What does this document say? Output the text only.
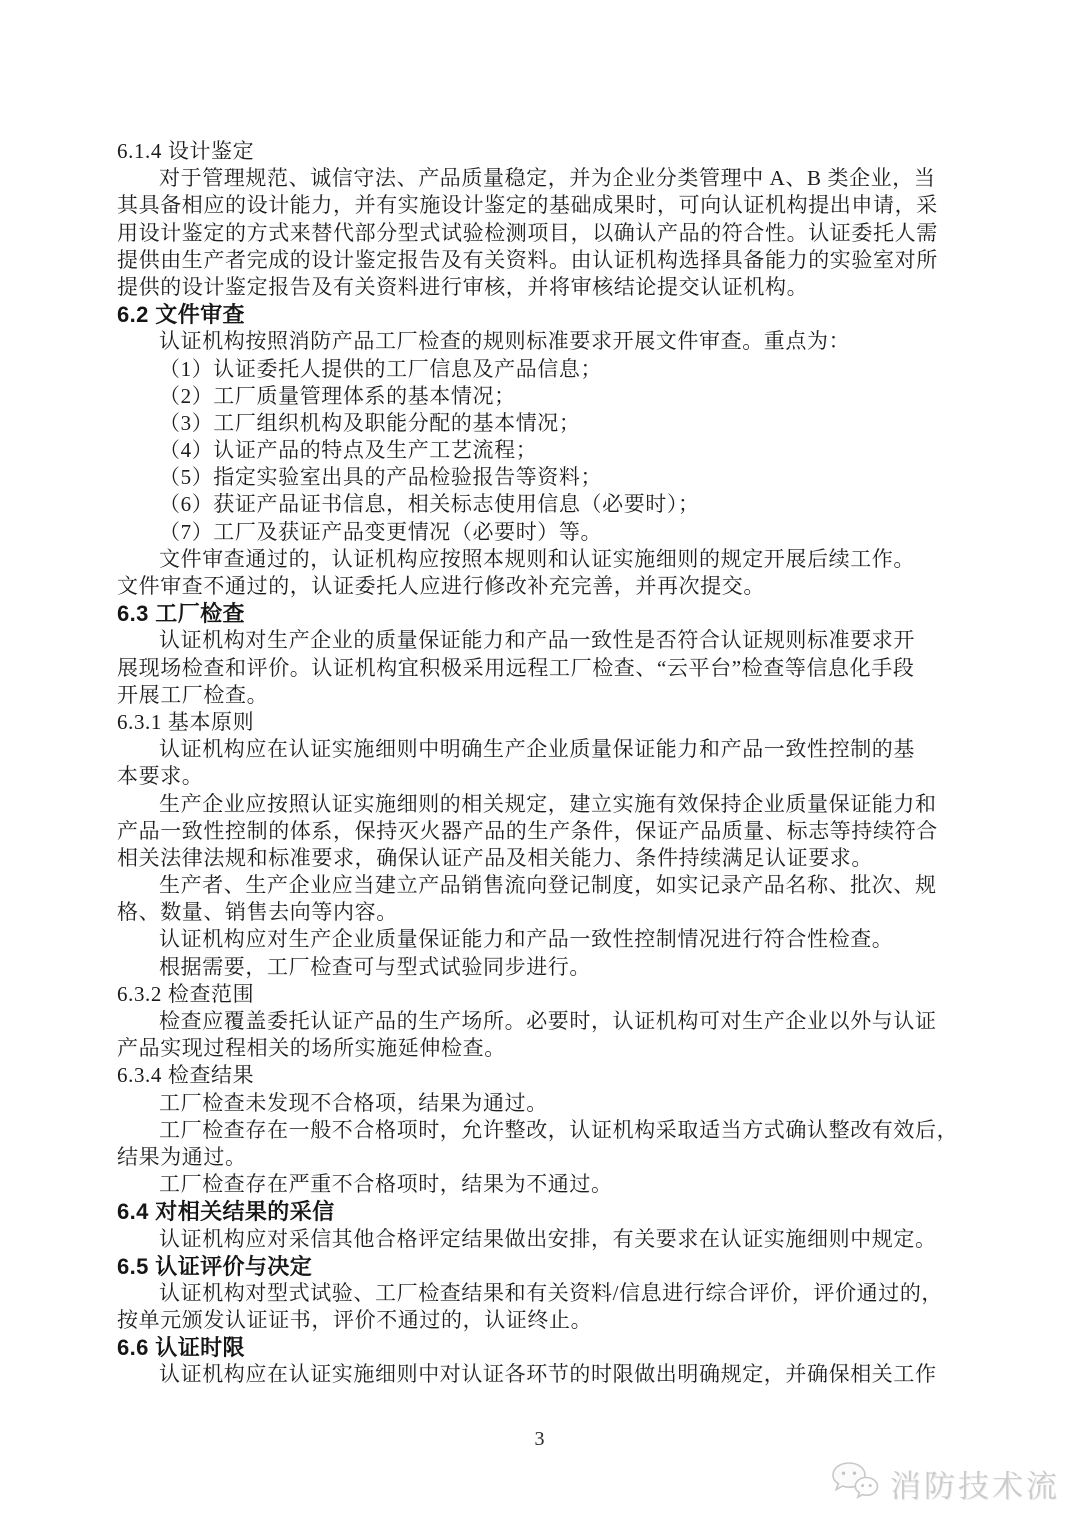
6.1.4 设计鉴定
对于管理规范、诚信守法、产品质量稳定，并为企业分类管理中 A、B 类企业，当
其具备相应的设计能力，并有实施设计鉴定的基础成果时，可向认证机构提出申请，采
用设计鉴定的方式来替代部分型式试验检测项目，以确认产品的符合性。认证委托人需
提供由生产者完成的设计鉴定报告及有关资料。由认证机构选择具备能力的实验室对所
提供的设计鉴定报告及有关资料进行审核，并将审核结论提交认证机构。
6.2 文件审查
认证机构按照消防产品工厂检查的规则标准要求开展文件审查。重点为：
（1）认证委托人提供的工厂信息及产品信息；
（2）工厂质量管理体系的基本情况；
（3）工厂组织机构及职能分配的基本情况；
（4）认证产品的特点及生产工艺流程；
（5）指定实验室出具的产品检验报告等资料；
（6）获证产品证书信息，相关标志使用信息（必要时）；
（7）工厂及获证产品变更情况（必要时）等。
文件审查通过的，认证机构应按照本规则和认证实施细则的规定开展后续工作。
文件审查不通过的，认证委托人应进行修改补充完善，并再次提交。
6.3 工厂检查
认证机构对生产企业的质量保证能力和产品一致性是否符合认证规则标准要求开
展现场检查和评价。认证机构宜积极采用远程工厂检查、“云平台”检查等信息化手段
开展工厂检查。
6.3.1 基本原则
认证机构应在认证实施细则中明确生产企业质量保证能力和产品一致性控制的基
本要求。
生产企业应按照认证实施细则的相关规定，建立实施有效保持企业质量保证能力和
产品一致性控制的体系，保持灭火器产品的生产条件，保证产品质量、标志等持续符合
相关法律法规和标准要求，确保认证产品及相关能力、条件持续满足认证要求。
生产者、生产企业应当建立产品销售流向登记制度，如实记录产品名称、批次、规
格、数量、销售去向等内容。
认证机构应对生产企业质量保证能力和产品一致性控制情况进行符合性检查。
根据需要，工厂检查可与型式试验同步进行。
6.3.2 检查范围
检查应覆盖委托认证产品的生产场所。必要时，认证机构可对生产企业以外与认证
产品实现过程相关的场所实施延伸检查。
6.3.4 检查结果
工厂检查未发现不合格项，结果为通过。
工厂检查存在一般不合格项时，允许整改，认证机构采取适当方式确认整改有效后，
结果为通过。
工厂检查存在严重不合格项时，结果为不通过。
6.4 对相关结果的采信
认证机构应对采信其他合格评定结果做出安排，有关要求在认证实施细则中规定。
6.5 认证评价与决定
认证机构对型式试验、工厂检查结果和有关资料/信息进行综合评价，评价通过的，
按单元颁发认证证书，评价不通过的，认证终止。
6.6 认证时限
认证机构应在认证实施细则中对认证各环节的时限做出明确规定，并确保相关工作
3
消防技术流
